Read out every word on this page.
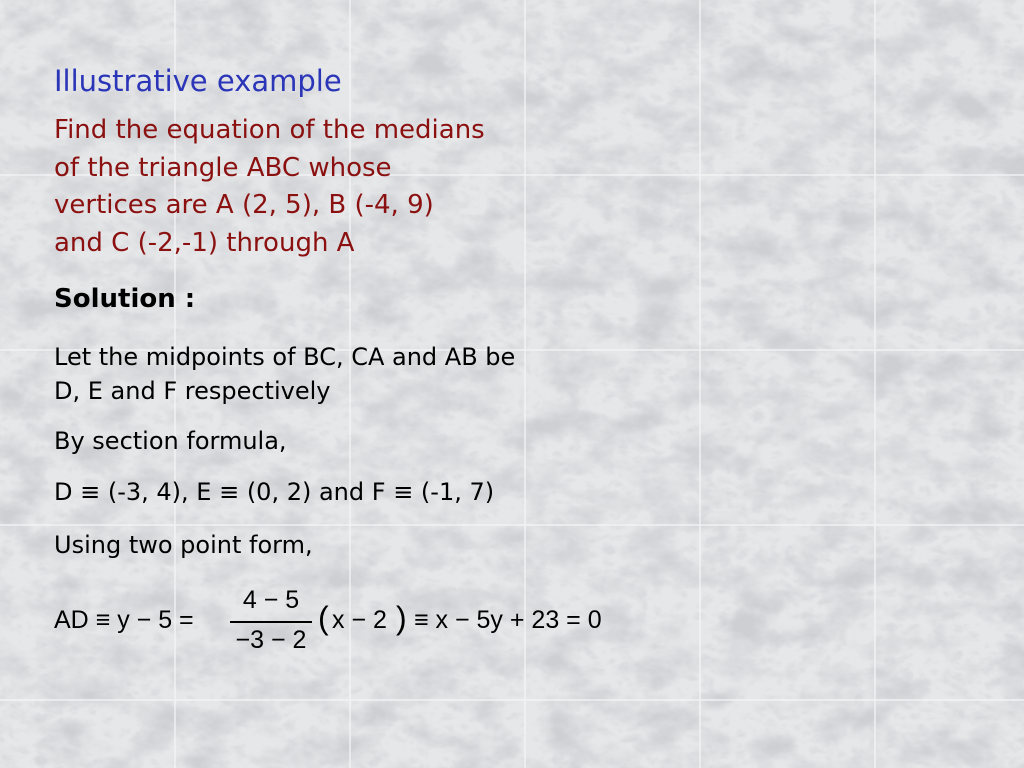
Illustrative example
Find the equation of the medians
of the triangle ABC whose
vertices are A (2, 5), B (-4, 9)
and C (-2,-1) through A
Solution :
Let the midpoints of BC, CA and AB be
D, E and F respectively
By section formula,
D ≡ (-3, 4), E ≡ (0, 2) and F ≡ (-1, 7)
Using two point form,
AD ≡ y − 5 =
4 − 5
−3 − 2
( x − 2 ) ≡ x − 5y + 23 = 0
